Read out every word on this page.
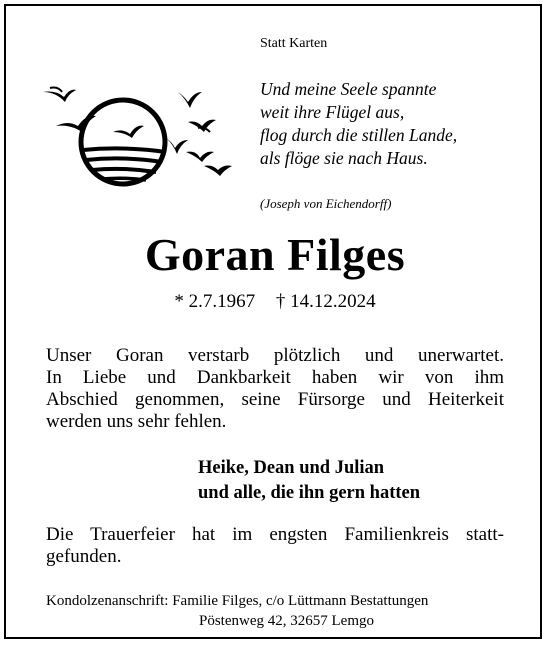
Statt Karten
Und meine Seele spannte
weit ihre Flügel aus,
flog durch die stillen Lande,
als flöge sie nach Haus.
(Joseph von Eichendorff)
Goran Filges
* 2.7.1967 † 14.12.2024
Unser Goran verstarb plötzlich und unerwartet.
In Liebe und Dankbarkeit haben wir von ihm
Abschied genommen, seine Fürsorge und Heiterkeit
werden uns sehr fehlen.
Heike, Dean und Julian
und alle, die ihn gern hatten
Die Trauerfeier hat im engsten Familienkreis statt-
gefunden.
Kondolzenanschrift: Familie Filges, c/o Lüttmann Bestattungen
Pöstenweg 42, 32657 Lemgo
